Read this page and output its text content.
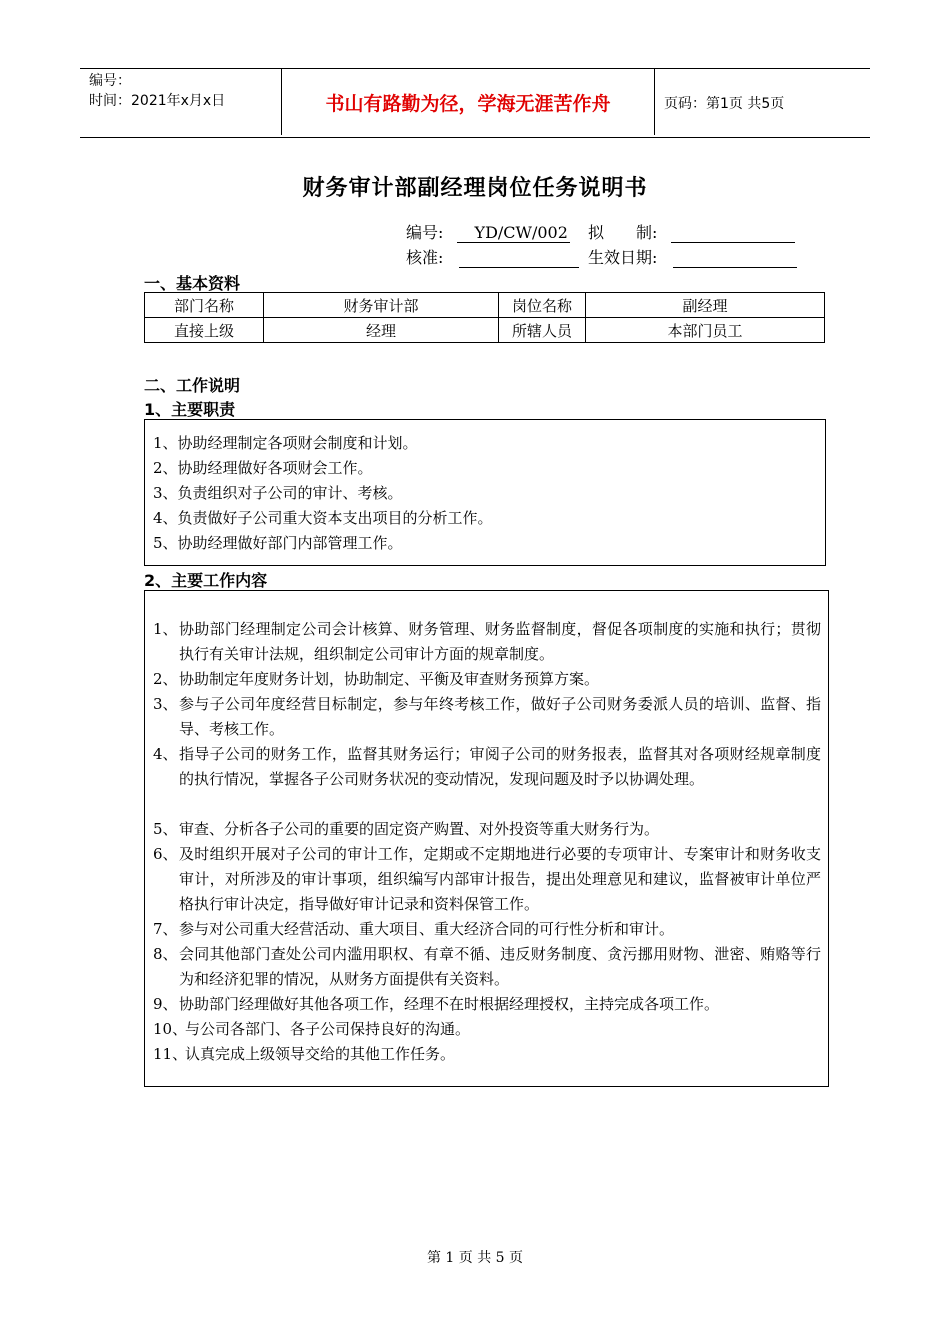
编号：
时间：2021年x月x日	书山有路勤为径，学海无涯苦作舟	页码：第1页 共5页
财务审计部副经理岗位任务说明书
编号: YD/CW/002 拟　　制:
核准:	生效日期:
一、基本资料
部门名称	财务审计部	岗位名称	副经理
直接上级	经理	所辖人员	本部门员工
二、工作说明
1、主要职责
1、协助经理制定各项财会制度和计划。
2、协助经理做好各项财会工作。
3、负责组织对子公司的审计、考核。
4、负责做好子公司重大资本支出项目的分析工作。
5、协助经理做好部门内部管理工作。
2、主要工作内容
1、 协助部门经理制定公司会计核算、财务管理、财务监督制度，督促各项制度的实施和执行；贯彻执行有关审计法规，组织制定公司审计方面的规章制度。
2、 协助制定年度财务计划，协助制定、平衡及审查财务预算方案。
3、 参与子公司年度经营目标制定，参与年终考核工作，做好子公司财务委派人员的培训、监督、指导、考核工作。
4、 指导子公司的财务工作，监督其财务运行；审阅子公司的财务报表，监督其对各项财经规章制度的执行情况，掌握各子公司财务状况的变动情况，发现问题及时予以协调处理。
5、 审查、分析各子公司的重要的固定资产购置、对外投资等重大财务行为。
6、 及时组织开展对子公司的审计工作，定期或不定期地进行必要的专项审计、专案审计和财务收支审计，对所涉及的审计事项，组织编写内部审计报告，提出处理意见和建议，监督被审计单位严格执行审计决定，指导做好审计记录和资料保管工作。
7、 参与对公司重大经营活动、重大项目、重大经济合同的可行性分析和审计。
8、 会同其他部门查处公司内滥用职权、有章不循、违反财务制度、贪污挪用财物、泄密、贿赂等行为和经济犯罪的情况，从财务方面提供有关资料。
9、 协助部门经理做好其他各项工作，经理不在时根据经理授权，主持完成各项工作。
10、
与公司各部门、各子公司保持良好的沟通。
11、
认真完成上级领导交给的其他工作任务。
第 1 页 共 5 页
